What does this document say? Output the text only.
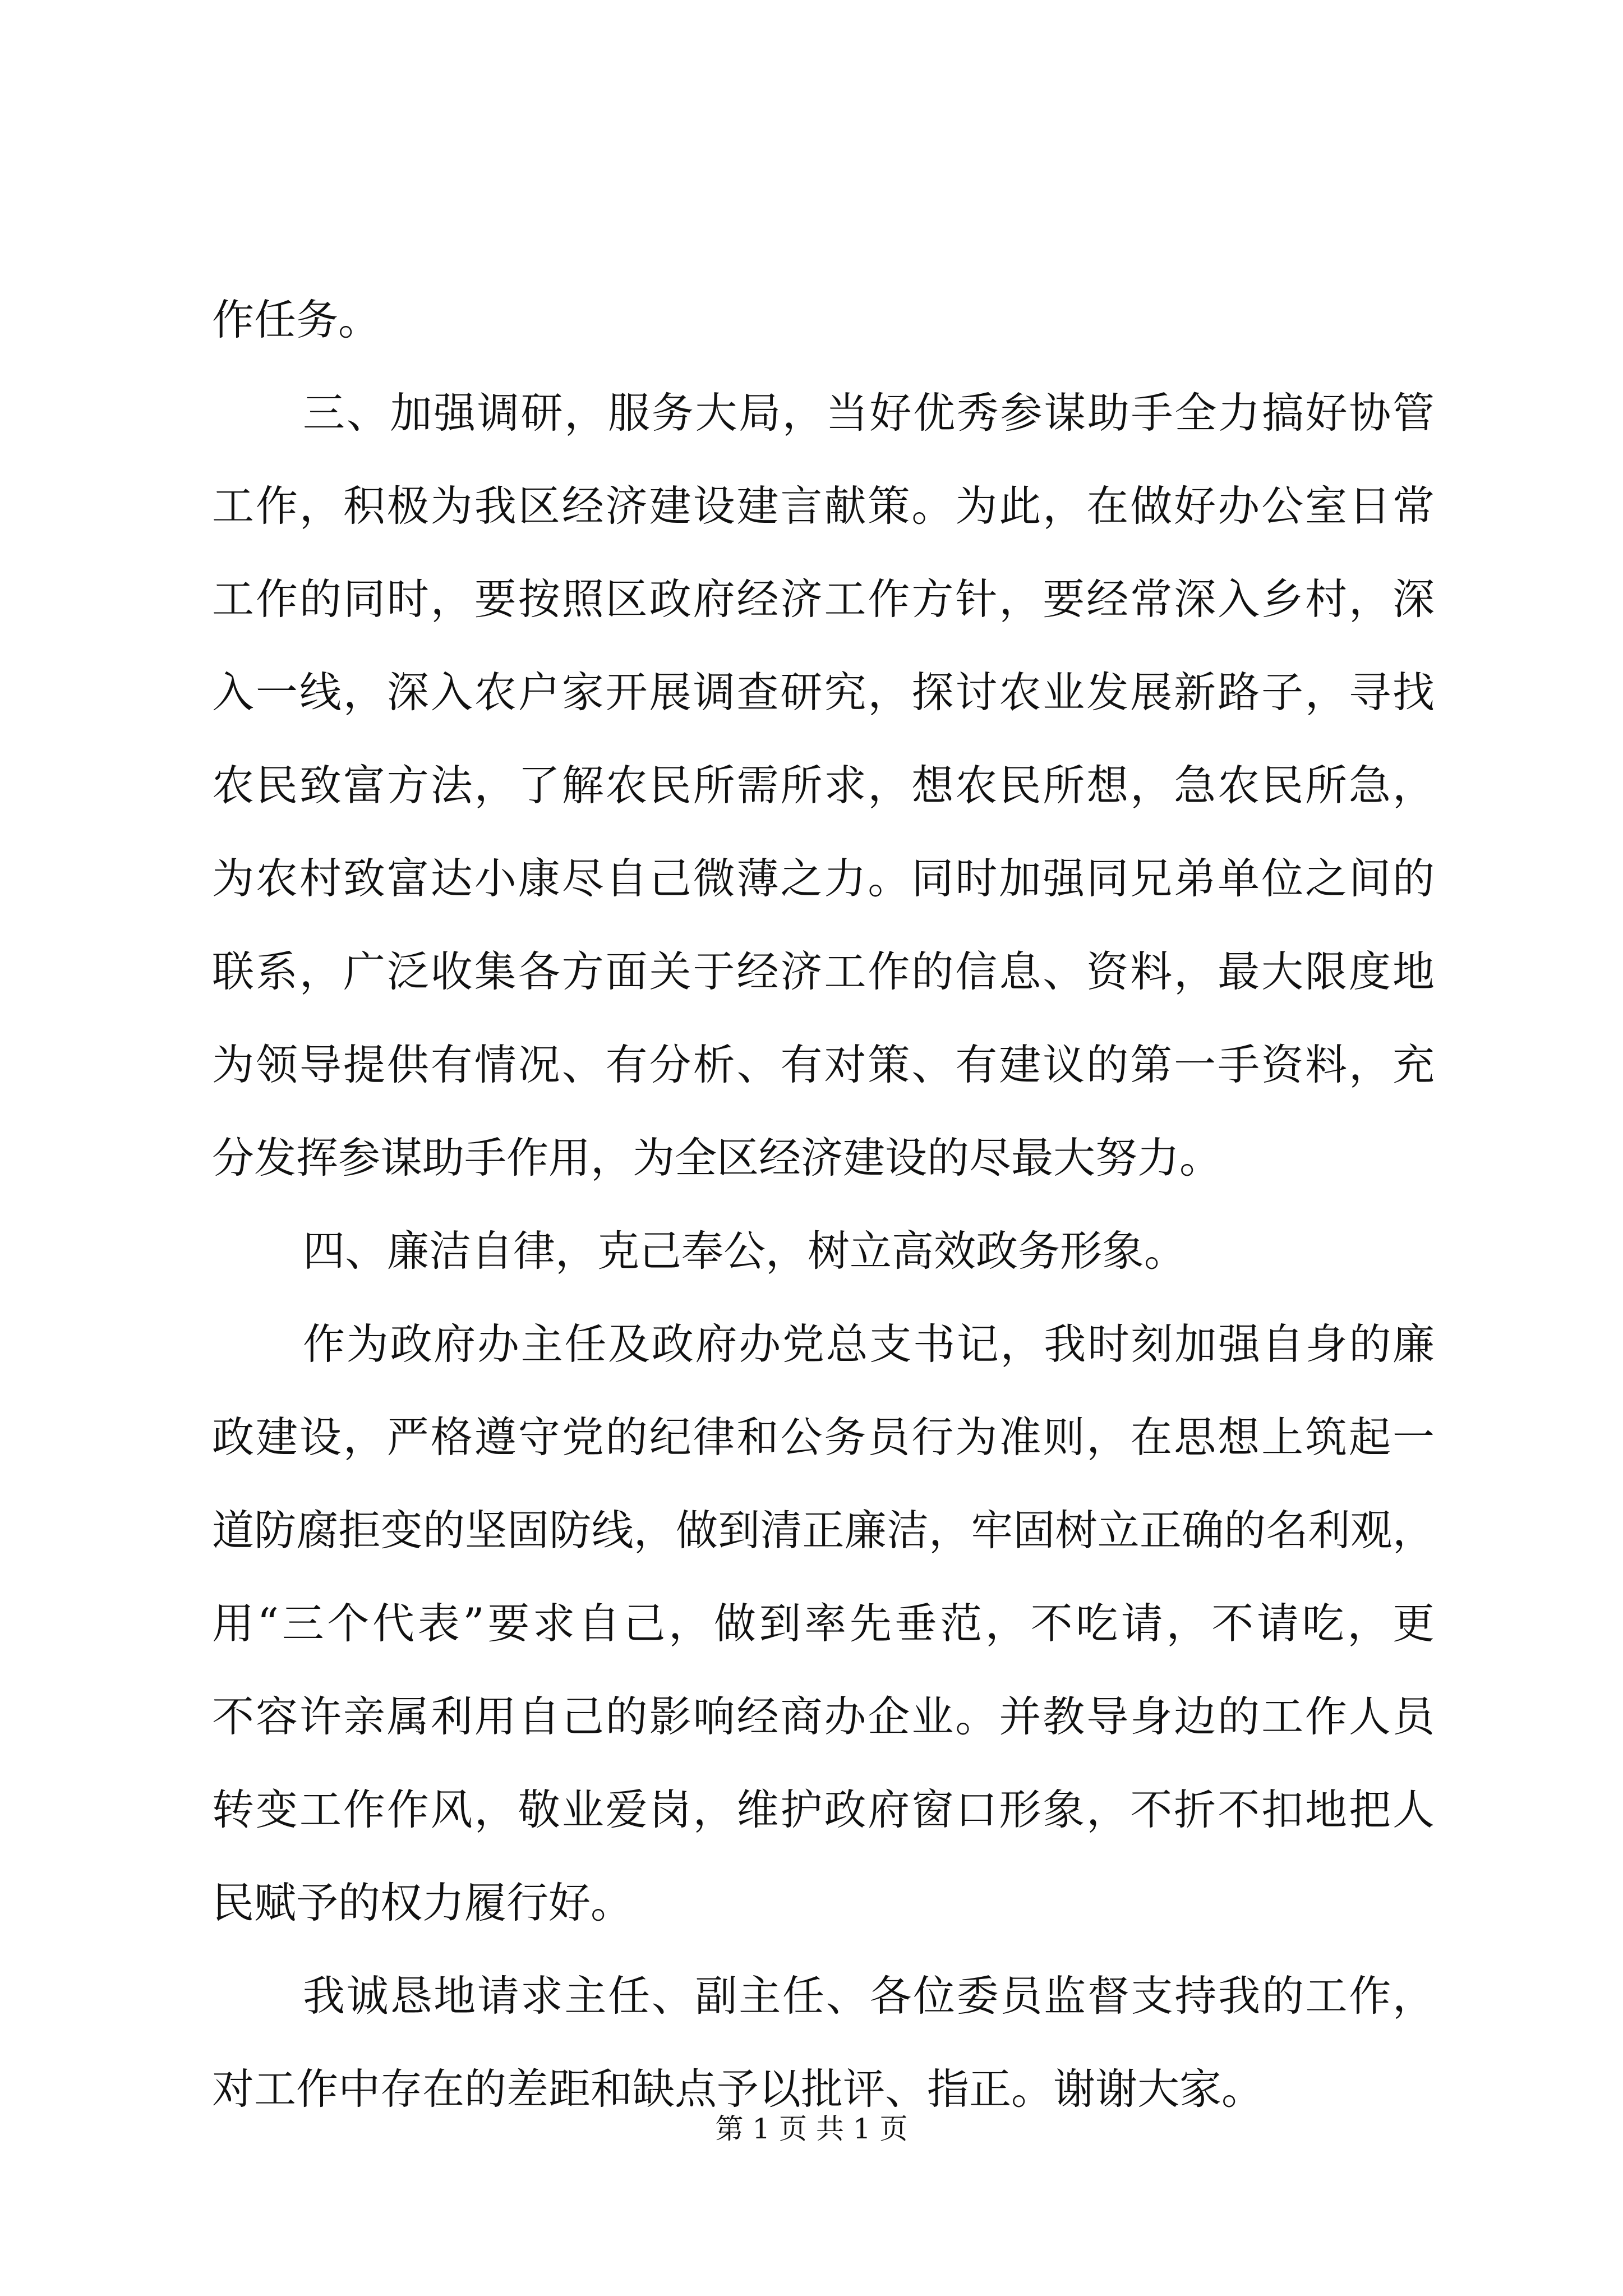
作任务。
三、加强调研，服务大局，当好优秀参谋助手全力搞好协管
工作，积极为我区经济建设建言献策。为此，在做好办公室日常
工作的同时，要按照区政府经济工作方针，要经常深入乡村，深
入一线，深入农户家开展调查研究，探讨农业发展新路子，寻找
农民致富方法，了解农民所需所求，想农民所想，急农民所急，
为农村致富达小康尽自己微薄之力。同时加强同兄弟单位之间的
联系，广泛收集各方面关于经济工作的信息、资料，最大限度地
为领导提供有情况、有分析、有对策、有建议的第一手资料，充
分发挥参谋助手作用，为全区经济建设的尽最大努力。
四、廉洁自律，克己奉公，树立高效政务形象。
作为政府办主任及政府办党总支书记，我时刻加强自身的廉
政建设，严格遵守党的纪律和公务员行为准则，在思想上筑起一
道防腐拒变的坚固防线，做到清正廉洁，牢固树立正确的名利观，
用“三个代表”要求自己，做到率先垂范，不吃请，不请吃，更
不容许亲属利用自己的影响经商办企业。并教导身边的工作人员
转变工作作风，敬业爱岗，维护政府窗口形象，不折不扣地把人
民赋予的权力履行好。
我诚恳地请求主任、副主任、各位委员监督支持我的工作，
对工作中存在的差距和缺点予以批评、指正。谢谢大家。
第 1 页 共 1 页
